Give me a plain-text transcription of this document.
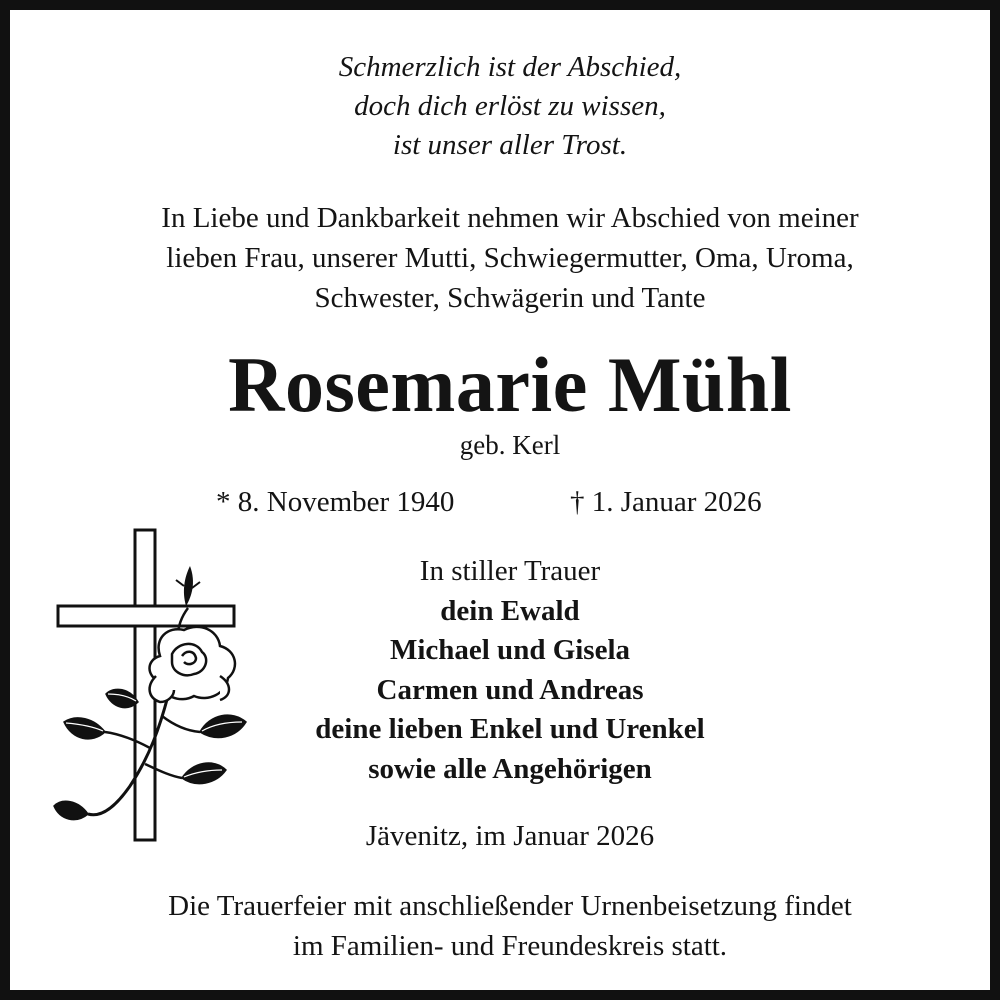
Schmerzlich ist der Abschied,
doch dich erlöst zu wissen,
ist unser aller Trost.
In Liebe und Dankbarkeit nehmen wir Abschied von meiner
lieben Frau, unserer Mutti, Schwiegermutter, Oma, Uroma,
Schwester, Schwägerin und Tante
Rosemarie Mühl
geb. Kerl
* 8. November 1940	† 1. Januar 2026
In stiller Trauer
dein Ewald
Michael und Gisela
Carmen und Andreas
deine lieben Enkel und Urenkel
sowie alle Angehörigen
Jävenitz, im Januar 2026
Die Trauerfeier mit anschließender Urnenbeisetzung findet
im Familien- und Freundeskreis statt.
